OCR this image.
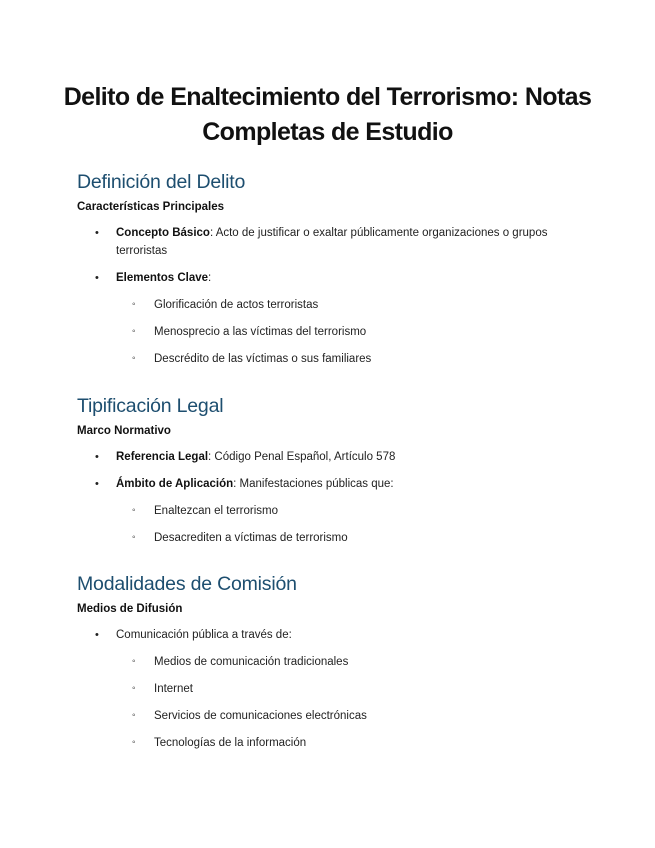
Delito de Enaltecimiento del Terrorismo: Notas Completas de Estudio
Definición del Delito
Características Principales
• Concepto Básico: Acto de justificar o exaltar públicamente organizaciones o grupos terroristas
• Elementos Clave:
◦ Glorificación de actos terroristas
◦ Menosprecio a las víctimas del terrorismo
◦ Descrédito de las víctimas o sus familiares
Tipificación Legal
Marco Normativo
• Referencia Legal: Código Penal Español, Artículo 578
• Ámbito de Aplicación: Manifestaciones públicas que:
◦ Enaltezcan el terrorismo
◦ Desacrediten a víctimas de terrorismo
Modalidades de Comisión
Medios de Difusión
• Comunicación pública a través de:
◦ Medios de comunicación tradicionales
◦ Internet
◦ Servicios de comunicaciones electrónicas
◦ Tecnologías de la información
